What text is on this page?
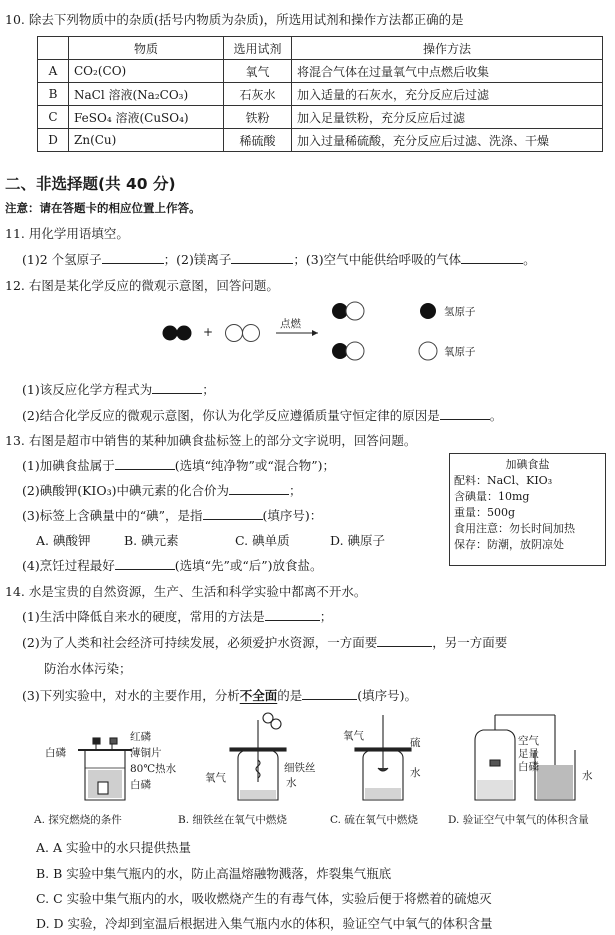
10. 除去下列物质中的杂质(括号内物质为杂质)，所选用试剂和操作方法都正确的是
	物质	选用试剂	操作方法
A	CO₂(CO)	氧气	将混合气体在过量氧气中点燃后收集
B	NaCl 溶液(Na₂CO₃)	石灰水	加入适量的石灰水，充分反应后过滤
C	FeSO₄ 溶液(CuSO₄)	铁粉	加入足量铁粉，充分反应后过滤
D	Zn(Cu)	稀硫酸	加入过量稀硫酸，充分反应后过滤、洗涤、干燥
二、非选择题(共 40 分)
注意：请在答题卡的相应位置上作答。
11. 用化学用语填空。
(1)2 个氢原子	；(2)镁离子	；(3)空气中能供给呼吸的气体	。
12. 右图是某化学反应的微观示意图，回答问题。
+
点燃
氢原子
氧原子
(1)该反应化学方程式为	；
(2)结合化学反应的微观示意图，你认为化学反应遵循质量守恒定律的原因是	。
13. 右图是超市中销售的某种加碘食盐标签上的部分文字说明，回答问题。
(1)加碘食盐属于	(选填“纯净物”或“混合物”)；
(2)碘酸钾(KIO₃)中碘元素的化合价为	；
(3)标签上含碘量中的“碘”，是指	(填序号)：
A. 碘酸钾	B. 碘元素	C. 碘单质	D. 碘原子
(4)烹饪过程最好	(选填“先”或“后”)放食盐。
加碘食盐
配料：NaCl、KIO₃
含碘量：10mg
重量：500g
食用注意：勿长时间加热
保存：防潮，放阴凉处
14. 水是宝贵的自然资源，生产、生活和科学实验中都离不开水。
(1)生活中降低自来水的硬度，常用的方法是	；
(2)为了人类和社会经济可持续发展，必须爱护水资源，一方面要	，另一方面要
防治水体污染；
(3)下列实验中，对水的主要作用，分析不全面的是	(填序号)。
白磷
红磷
薄铜片
80℃热水
白磷
氧气
细铁丝
水
氧气
硫
水
空气
足量
白磷
水
A. 探究燃烧的条件	B. 细铁丝在氧气中燃烧	C. 硫在氧气中燃烧	D. 验证空气中氧气的体积含量
A. A 实验中的水只提供热量
B. B 实验中集气瓶内的水，防止高温熔融物溅落，炸裂集气瓶底
C. C 实验中集气瓶内的水，吸收燃烧产生的有毒气体，实验后便于将燃着的硫熄灭
D. D 实验，冷却到室温后根据进入集气瓶内水的体积，验证空气中氧气的体积含量
